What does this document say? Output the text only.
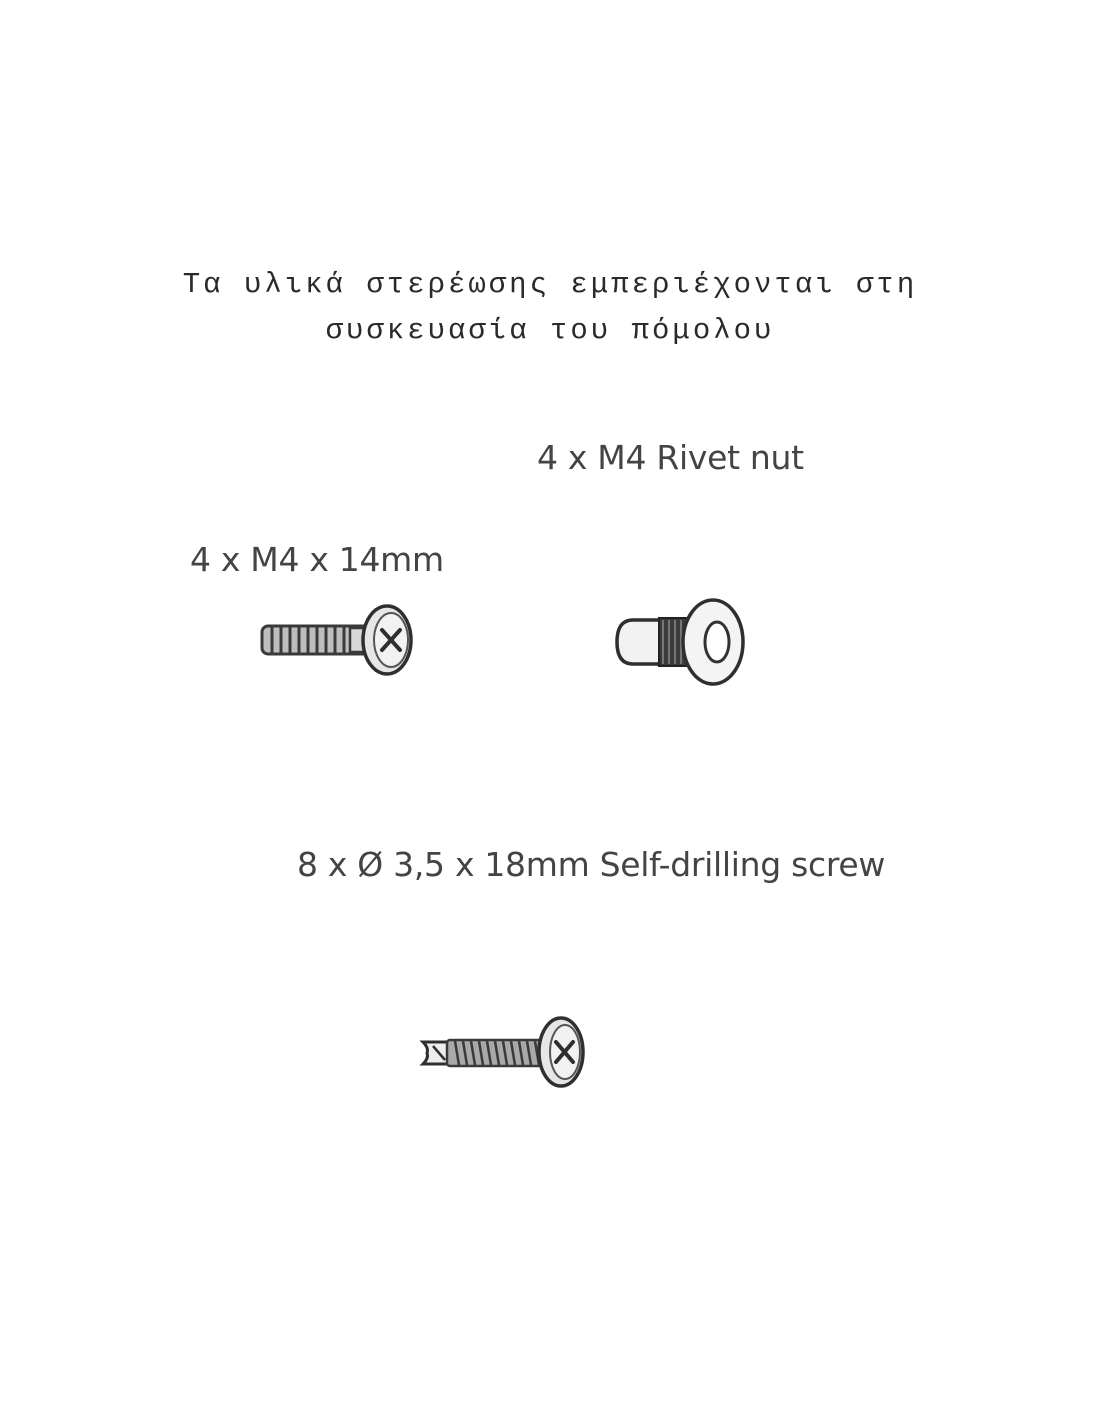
Τα υλικά στερέωσης εμπεριέχονται στη
συσκευασία του πόμολου

4 x M4 Rivet nut
4 x M4 x 14mm
8 x Ø 3,5 x 18mm Self-drilling screw
